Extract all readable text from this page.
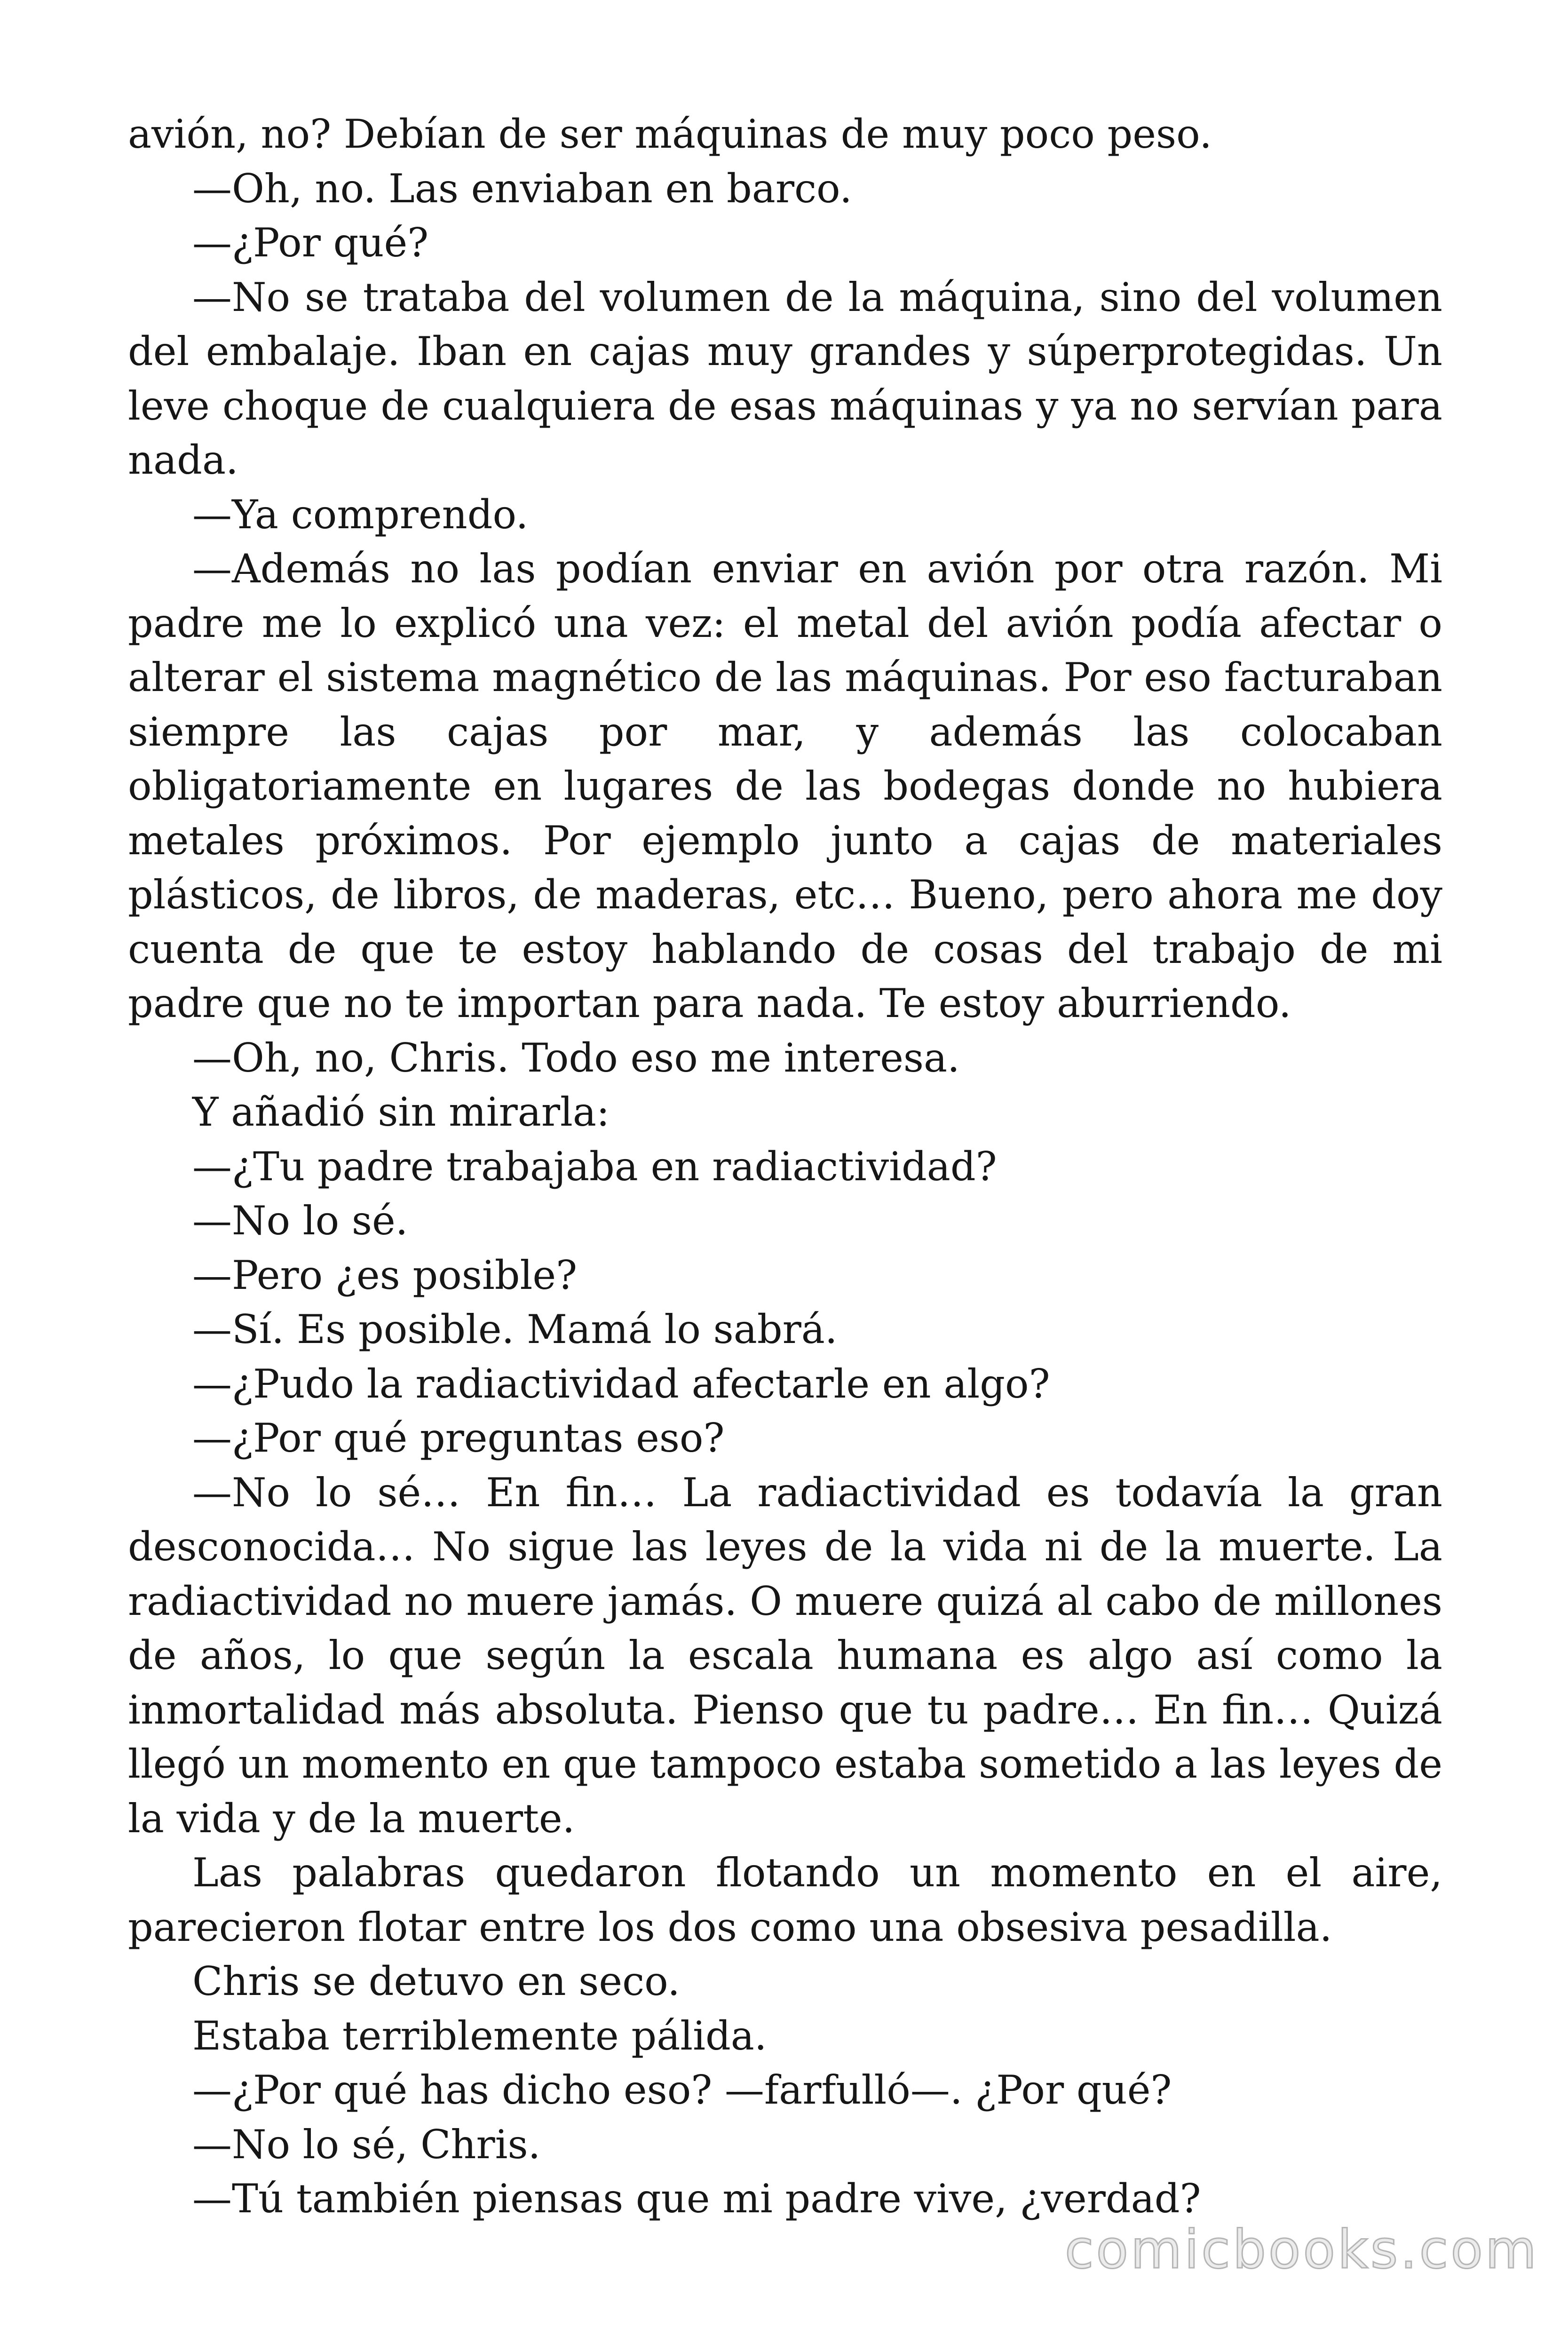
avión, no? Debían de ser máquinas de muy poco peso.

—Oh, no. Las enviaban en barco.

—¿Por qué?

—No se trataba del volumen de la máquina, sino del volumen del embalaje. Iban en cajas muy grandes y súperprotegidas. Un leve choque de cualquiera de esas máquinas y ya no servían para nada.

—Ya comprendo.

—Además no las podían enviar en avión por otra razón. Mi padre me lo explicó una vez: el metal del avión podía afectar o alterar el sistema magnético de las máquinas. Por eso facturaban siempre las cajas por mar, y además las colocaban obligatoriamente en lugares de las bodegas donde no hubiera metales próximos. Por ejemplo junto a cajas de materiales plásticos, de libros, de maderas, etc… Bueno, pero ahora me doy cuenta de que te estoy hablando de cosas del trabajo de mi padre que no te importan para nada. Te estoy aburriendo.

—Oh, no, Chris. Todo eso me interesa.

Y añadió sin mirarla:

—¿Tu padre trabajaba en radiactividad?

—No lo sé.

—Pero ¿es posible?

—Sí. Es posible. Mamá lo sabrá.

—¿Pudo la radiactividad afectarle en algo?

—¿Por qué preguntas eso?

—No lo sé… En fin… La radiactividad es todavía la gran desconocida… No sigue las leyes de la vida ni de la muerte. La radiactividad no muere jamás. O muere quizá al cabo de millones de años, lo que según la escala humana es algo así como la inmortalidad más absoluta. Pienso que tu padre… En fin… Quizá llegó un momento en que tampoco estaba sometido a las leyes de la vida y de la muerte.

Las palabras quedaron flotando un momento en el aire, parecieron flotar entre los dos como una obsesiva pesadilla.

Chris se detuvo en seco.

Estaba terriblemente pálida.

—¿Por qué has dicho eso? —farfulló—. ¿Por qué?

—No lo sé, Chris.

—Tú también piensas que mi padre vive, ¿verdad?

comicbooks.com
